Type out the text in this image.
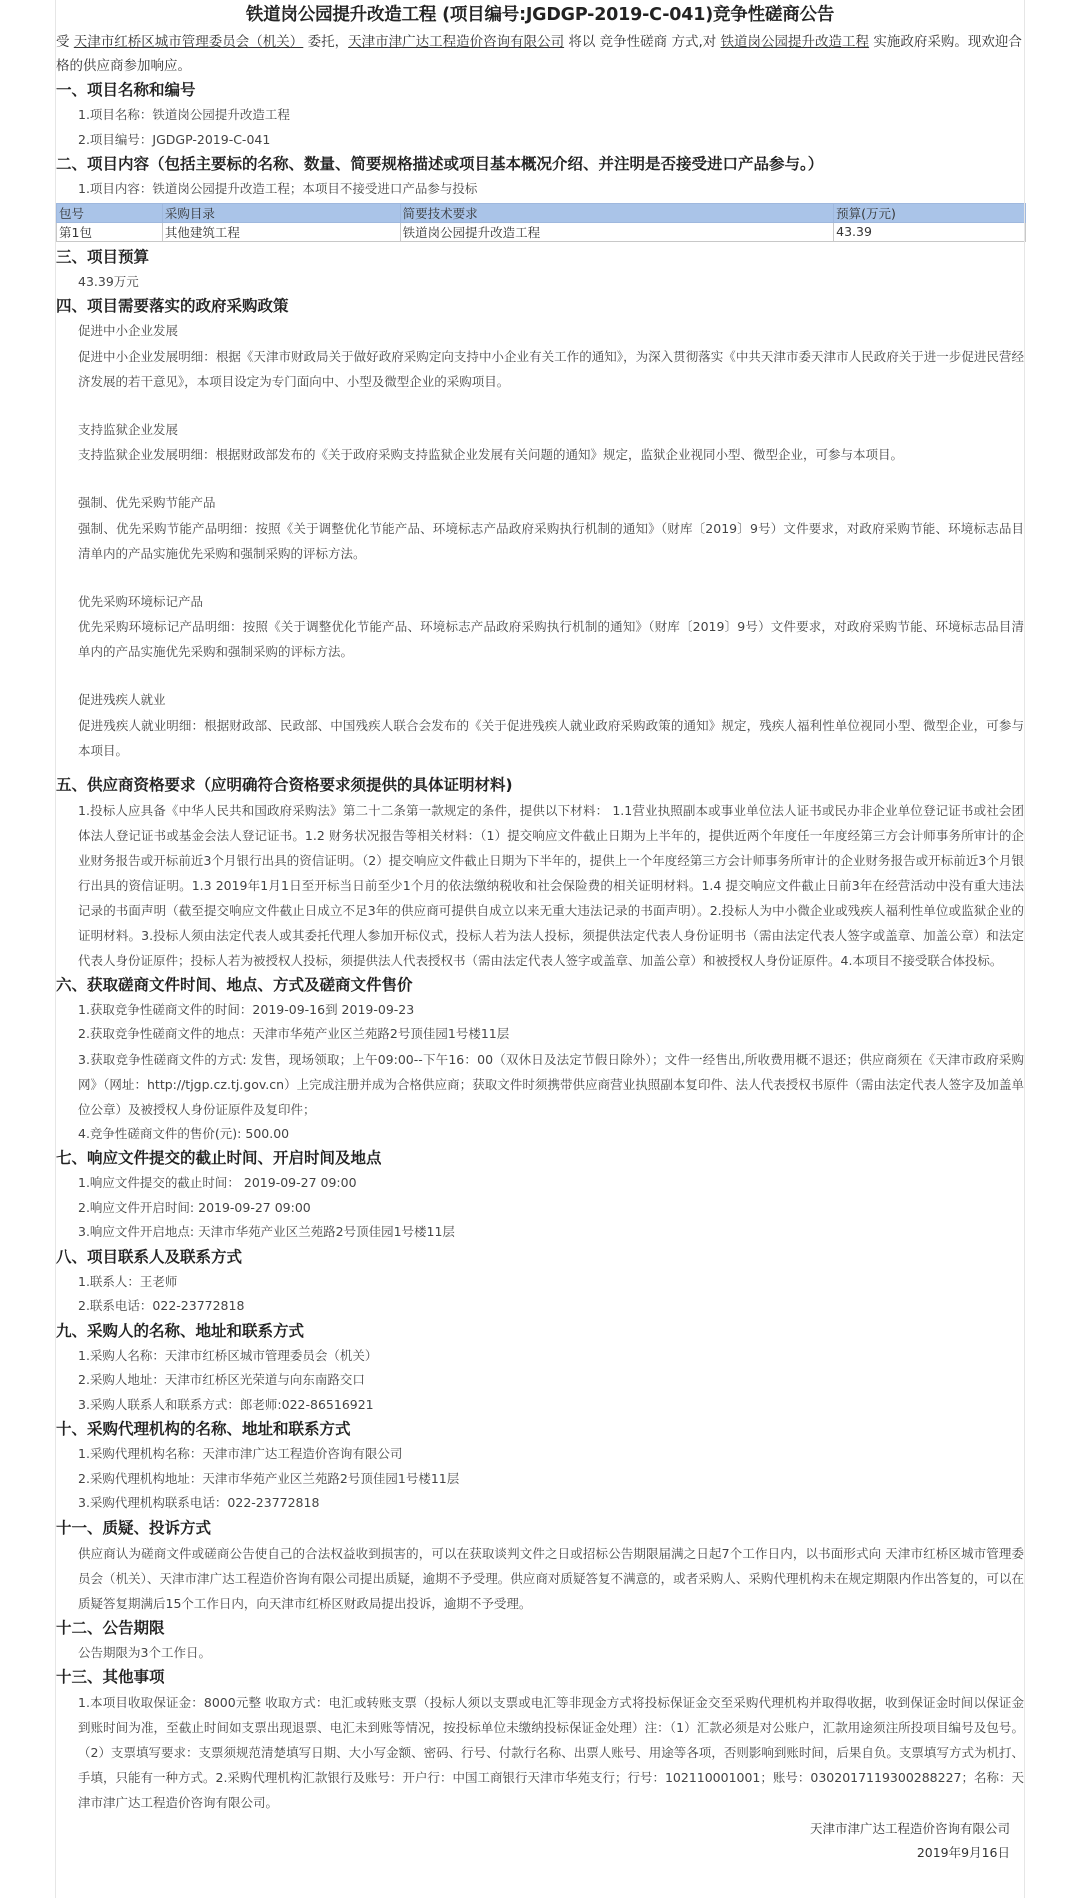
铁道岗公园提升改造工程 (项目编号:JGDGP-2019-C-041)竞争性磋商公告

受 天津市红桥区城市管理委员会（机关） 委托，天津市津广达工程造价咨询有限公司 将以 竞争性磋商 方式,对 铁道岗公园提升改造工程 实施政府采购。现欢迎合格的供应商参加响应。

一、项目名称和编号
1.项目名称：铁道岗公园提升改造工程
2.项目编号：JGDGP-2019-C-041
二、项目内容（包括主要标的名称、数量、简要规格描述或项目基本概况介绍、并注明是否接受进口产品参与。）
1.项目内容：铁道岗公园提升改造工程；本项目不接受进口产品参与投标
包号	采购目录	简要技术要求	预算(万元)
第1包	其他建筑工程	铁道岗公园提升改造工程	43.39
三、项目预算
43.39万元
四、项目需要落实的政府采购政策
促进中小企业发展

促进中小企业发展明细：根据《天津市财政局关于做好政府采购定向支持中小企业有关工作的通知》，为深入贯彻落实《中共天津市委天津市人民政府关于进一步促进民营经济发展的若干意见》，本项目设定为专门面向中、小型及微型企业的采购项目。

支持监狱企业发展

支持监狱企业发展明细：根据财政部发布的《关于政府采购支持监狱企业发展有关问题的通知》规定，监狱企业视同小型、微型企业，可参与本项目。

强制、优先采购节能产品

强制、优先采购节能产品明细：按照《关于调整优化节能产品、环境标志产品政府采购执行机制的通知》（财库〔2019〕9号）文件要求，对政府采购节能、环境标志品目清单内的产品实施优先采购和强制采购的评标方法。

优先采购环境标记产品

优先采购环境标记产品明细：按照《关于调整优化节能产品、环境标志产品政府采购执行机制的通知》（财库〔2019〕9号）文件要求，对政府采购节能、环境标志品目清单内的产品实施优先采购和强制采购的评标方法。

促进残疾人就业

促进残疾人就业明细：根据财政部、民政部、中国残疾人联合会发布的《关于促进残疾人就业政府采购政策的通知》规定，残疾人福利性单位视同小型、微型企业，可参与本项目。

五、供应商资格要求（应明确符合资格要求须提供的具体证明材料)

1.投标人应具备《中华人民共和国政府采购法》第二十二条第一款规定的条件，提供以下材料： 1.1营业执照副本或事业单位法人证书或民办非企业单位登记证书或社会团体法人登记证书或基金会法人登记证书。1.2 财务状况报告等相关材料：（1）提交响应文件截止日期为上半年的，提供近两个年度任一年度经第三方会计师事务所审计的企业财务报告或开标前近3个月银行出具的资信证明。（2）提交响应文件截止日期为下半年的，提供上一个年度经第三方会计师事务所审计的企业财务报告或开标前近3个月银行出具的资信证明。1.3 2019年1月1日至开标当日前至少1个月的依法缴纳税收和社会保险费的相关证明材料。1.4 提交响应文件截止日前3年在经营活动中没有重大违法记录的书面声明（截至提交响应文件截止日成立不足3年的供应商可提供自成立以来无重大违法记录的书面声明）。2.投标人为中小微企业或残疾人福利性单位或监狱企业的证明材料。3.投标人须由法定代表人或其委托代理人参加开标仪式，投标人若为法人投标，须提供法定代表人身份证明书（需由法定代表人签字或盖章、加盖公章）和法定代表人身份证原件；投标人若为被授权人投标，须提供法人代表授权书（需由法定代表人签字或盖章、加盖公章）和被授权人身份证原件。4.本项目不接受联合体投标。

六、获取磋商文件时间、地点、方式及磋商文件售价
1.获取竞争性磋商文件的时间：2019-09-16到 2019-09-23
2.获取竞争性磋商文件的地点：天津市华苑产业区兰苑路2号顶佳园1号楼11层

3.获取竞争性磋商文件的方式: 发售，现场领取；上午09:00--下午16：00（双休日及法定节假日除外）；文件一经售出,所收费用概不退还；供应商须在《天津市政府采购网》（网址：http://tjgp.cz.tj.gov.cn）上完成注册并成为合格供应商；获取文件时须携带供应商营业执照副本复印件、法人代表授权书原件（需由法定代表人签字及加盖单位公章）及被授权人身份证原件及复印件；

4.竞争性磋商文件的售价(元): 500.00
七、响应文件提交的截止时间、开启时间及地点
1.响应文件提交的截止时间： 2019-09-27 09:00
2.响应文件开启时间: 2019-09-27 09:00
3.响应文件开启地点: 天津市华苑产业区兰苑路2号顶佳园1号楼11层
八、项目联系人及联系方式
1.联系人：王老师
2.联系电话：022-23772818
九、采购人的名称、地址和联系方式
1.采购人名称：天津市红桥区城市管理委员会（机关）
2.采购人地址：天津市红桥区光荣道与向东南路交口
3.采购人联系人和联系方式：郎老师:022-86516921
十、采购代理机构的名称、地址和联系方式
1.采购代理机构名称：天津市津广达工程造价咨询有限公司
2.采购代理机构地址：天津市华苑产业区兰苑路2号顶佳园1号楼11层
3.采购代理机构联系电话：022-23772818
十一、质疑、投诉方式

供应商认为磋商文件或磋商公告使自己的合法权益收到损害的，可以在获取谈判文件之日或招标公告期限届满之日起7个工作日内，以书面形式向 天津市红桥区城市管理委员会（机关）、天津市津广达工程造价咨询有限公司提出质疑，逾期不予受理。供应商对质疑答复不满意的，或者采购人、采购代理机构未在规定期限内作出答复的，可以在质疑答复期满后15个工作日内，向天津市红桥区财政局提出投诉，逾期不予受理。

十二、公告期限
公告期限为3个工作日。
十三、其他事项

1.本项目收取保证金：8000元整 收取方式：电汇或转账支票（投标人须以支票或电汇等非现金方式将投标保证金交至采购代理机构并取得收据，收到保证金时间以保证金到账时间为准，至截止时间如支票出现退票、电汇未到账等情况，按投标单位未缴纳投标保证金处理）注：（1）汇款必须是对公账户，汇款用途须注所投项目编号及包号。（2）支票填写要求：支票须规范清楚填写日期、大小写金额、密码、行号、付款行名称、出票人账号、用途等各项，否则影响到账时间，后果自负。支票填写方式为机打、手填，只能有一种方式。2.采购代理机构汇款银行及账号：开户行：中国工商银行天津市华苑支行；行号：102110001001；账号：0302017119300288227；名称：天津市津广达工程造价咨询有限公司。

天津市津广达工程造价咨询有限公司
2019年9月16日
